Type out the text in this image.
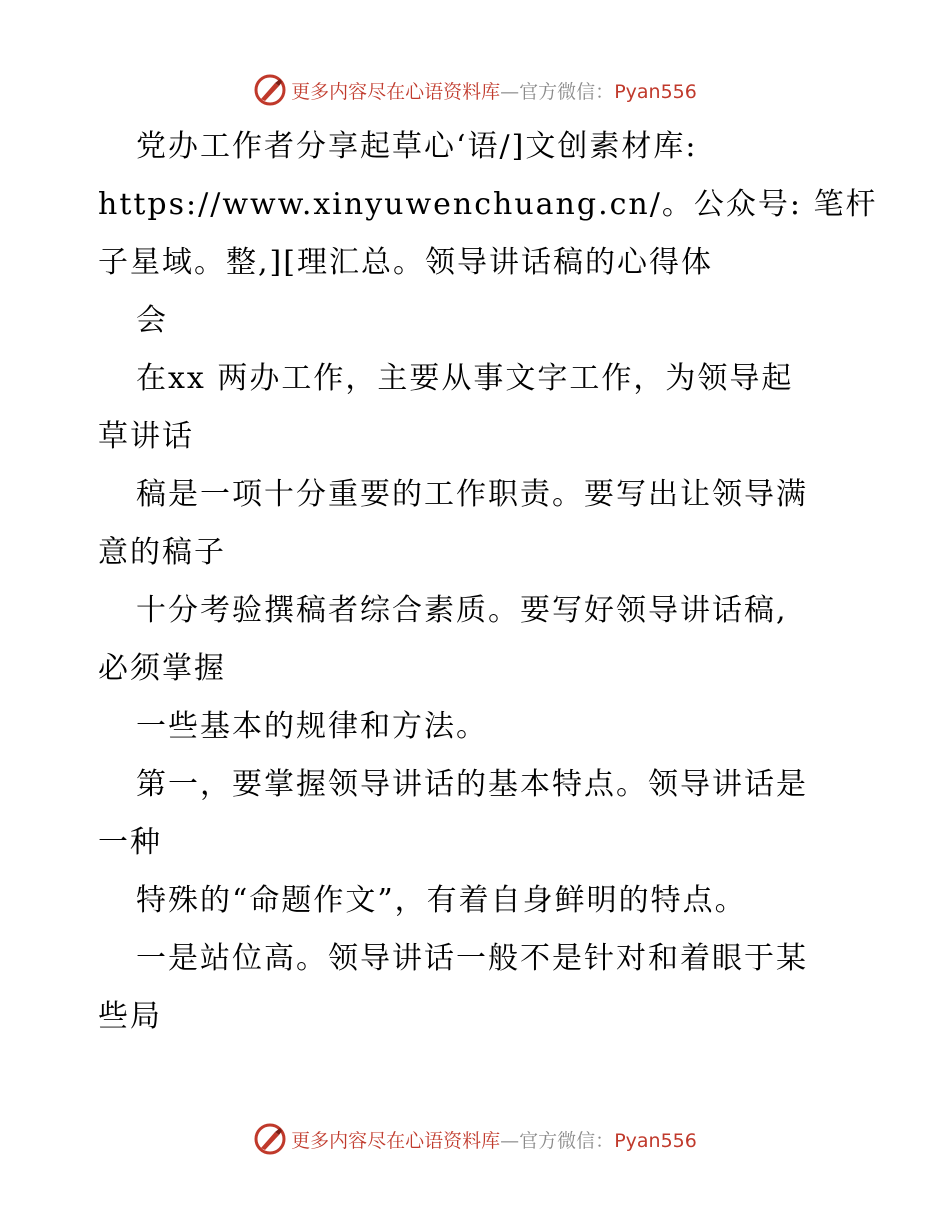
更多内容尽在心语资料库—官方微信：Pyan556
党办工作者分享起草心‘语/]文创素材库:
https://www.xinyuwenchuang.cn/。公众号: 笔杆
子星域。整,][理汇总。领导讲话稿的心得体
会
在xx 两办工作，主要从事文字工作，为领导起
草讲话
稿是一项十分重要的工作职责。要写出让领导满
意的稿子
十分考验撰稿者综合素质。要写好领导讲话稿,
必须掌握
一些基本的规律和方法。
第一，要掌握领导讲话的基本特点。领导讲话是
一种
特殊的“命题作文”，有着自身鲜明的特点。
一是站位高。领导讲话一般不是针对和着眼于某
些局
更多内容尽在心语资料库—官方微信：Pyan556
